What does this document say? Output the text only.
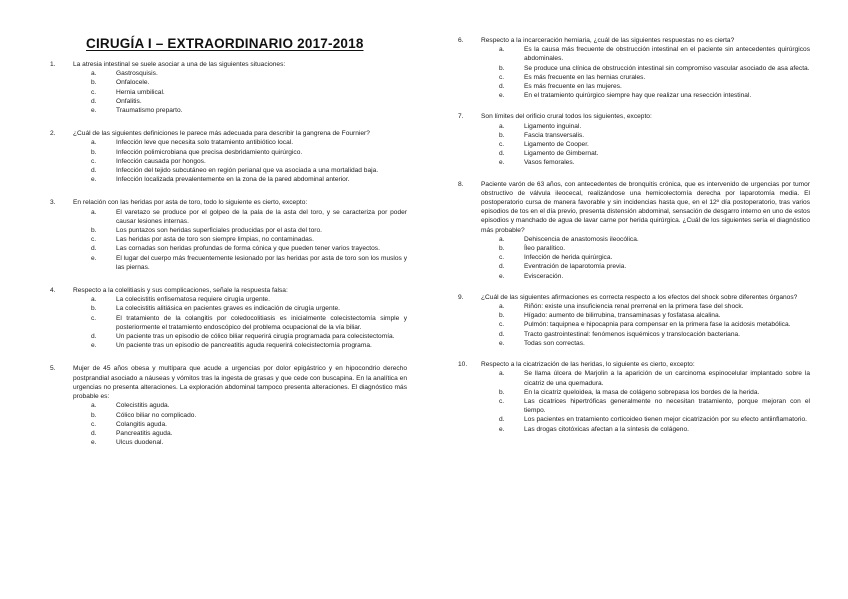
CIRUGÍA I – EXTRAORDINARIO 2017-2018
1.	La atresia intestinal se suele asociar a una de las siguientes situaciones:
a.	Gastrosquisis.
b.	Onfalocele.
c.	Hernia umbilical.
d.	Onfalitis.
e.	Traumatismo preparto.
2.	¿Cuál de las siguientes definiciones le parece más adecuada para describir la gangrena de Fournier?
a.	Infección leve que necesita solo tratamiento antibiótico local.
b.	Infección polimicrobiana que precisa desbridamiento quirúrgico.
c.	Infección causada por hongos.
d.	Infección del tejido subcutáneo en región perianal que va asociada a una mortalidad baja.
e.	Infección localizada prevalentemente en la zona de la pared abdominal anterior.
3.	En relación con las heridas por asta de toro, todo lo siguiente es cierto, excepto:
a.	El varetazo se produce por el golpeo de la pala de la asta del toro, y se caracteriza por poder causar lesiones internas.
b.	Los puntazos son heridas superficiales producidas por el asta del toro.
c.	Las heridas por asta de toro son siempre limpias, no contaminadas.
d.	Las cornadas son heridas profundas de forma cónica y que pueden tener varios trayectos.
e.	El lugar del cuerpo más frecuentemente lesionado por las heridas por asta de toro son los muslos y las piernas.
4.	Respecto a la colelitiasis y sus complicaciones, señale la respuesta falsa:
a.	La colecistitis enfisematosa requiere cirugía urgente.
b.	La colecistitis alitiásica en pacientes graves es indicación de cirugía urgente.
c.	El tratamiento de la colangitis por coledocolitiasis es inicialmente colecistectomía simple y posteriormente el tratamiento endoscópico del problema ocupacional de la vía biliar.
d.	Un paciente tras un episodio de cólico biliar requerirá cirugía programada para colecistectomía.
e.	Un paciente tras un episodio de pancreatitis aguda requerirá colecistectomía programa.
5.	Mujer de 45 años obesa y multípara que acude a urgencias por dolor epigástrico y en hipocondrio derecho postprandial asociado a náuseas y vómitos tras la ingesta de grasas y que cede con buscapina. En la analítica en urgencias no presenta alteraciones. La exploración abdominal tampoco presenta alteraciones. El diagnóstico más probable es:
a.	Colecistitis aguda.
b.	Cólico biliar no complicado.
c.	Colangitis aguda.
d.	Pancreatitis aguda.
e.	Ulcus duodenal.
6.	Respecto a la incarceración herniaria, ¿cuál de las siguientes respuestas no es cierta?
a.	Es la causa más frecuente de obstrucción intestinal en el paciente sin antecedentes quirúrgicos abdominales.
b.	Se produce una clínica de obstrucción intestinal sin compromiso vascular asociado de asa afecta.
c.	Es más frecuente en las hernias crurales.
d.	Es más frecuente en las mujeres.
e.	En el tratamiento quirúrgico siempre hay que realizar una resección intestinal.
7.	Son límites del orificio crural todos los siguientes, excepto:
a.	Ligamento inguinal.
b.	Fascia transversalis.
c.	Ligamento de Cooper.
d.	Ligamento de Gimbernat.
e.	Vasos femorales.
8.	Paciente varón de 63 años, con antecedentes de bronquitis crónica, que es intervenido de urgencias por tumor obstructivo de válvula ileocecal, realizándose una hemicolectomía derecha por laparotomía media. El postoperatorio cursa de manera favorable y sin incidencias hasta que, en el 12º día postoperatorio, tras varios episodios de tos en el día previo, presenta distensión abdominal, sensación de desgarro interno en uno de estos episodios y manchado de agua de lavar carne por herida quirúrgica. ¿Cuál de los siguientes sería el diagnóstico más probable?
a.	Dehiscencia de anastomosis ileocólica.
b.	Íleo paralítico.
c.	Infección de herida quirúrgica.
d.	Eventración de laparotomía previa.
e.	Evisceración.
9.	¿Cuál de las siguientes afirmaciones es correcta respecto a los efectos del shock sobre diferentes órganos?
a.	Riñón: existe una insuficiencia renal prerrenal en la primera fase del shock.
b.	Hígado: aumento de bilirrubina, transaminasas y fosfatasa alcalina.
c.	Pulmón: taquipnea e hipocapnia para compensar en la primera fase la acidosis metabólica.
d.	Tracto gastrointestinal: fenómenos isquémicos y translocación bacteriana.
e.	Todas son correctas.
10. Respecto a la cicatrización de las heridas, lo siguiente es cierto, excepto:
a.	Se llama úlcera de Marjolin a la aparición de un carcinoma espinocelular implantado sobre la cicatriz de una quemadura.
b.	En la cicatriz queloidea, la masa de colágeno sobrepasa los bordes de la herida.
c.	Las cicatrices hipertróficas generalmente no necesitan tratamiento, porque mejoran con el tiempo.
d.	Los pacientes en tratamiento corticoideo tienen mejor cicatrización por su efecto antiinflamatorio.
e.	Las drogas citotóxicas afectan a la síntesis de colágeno.
